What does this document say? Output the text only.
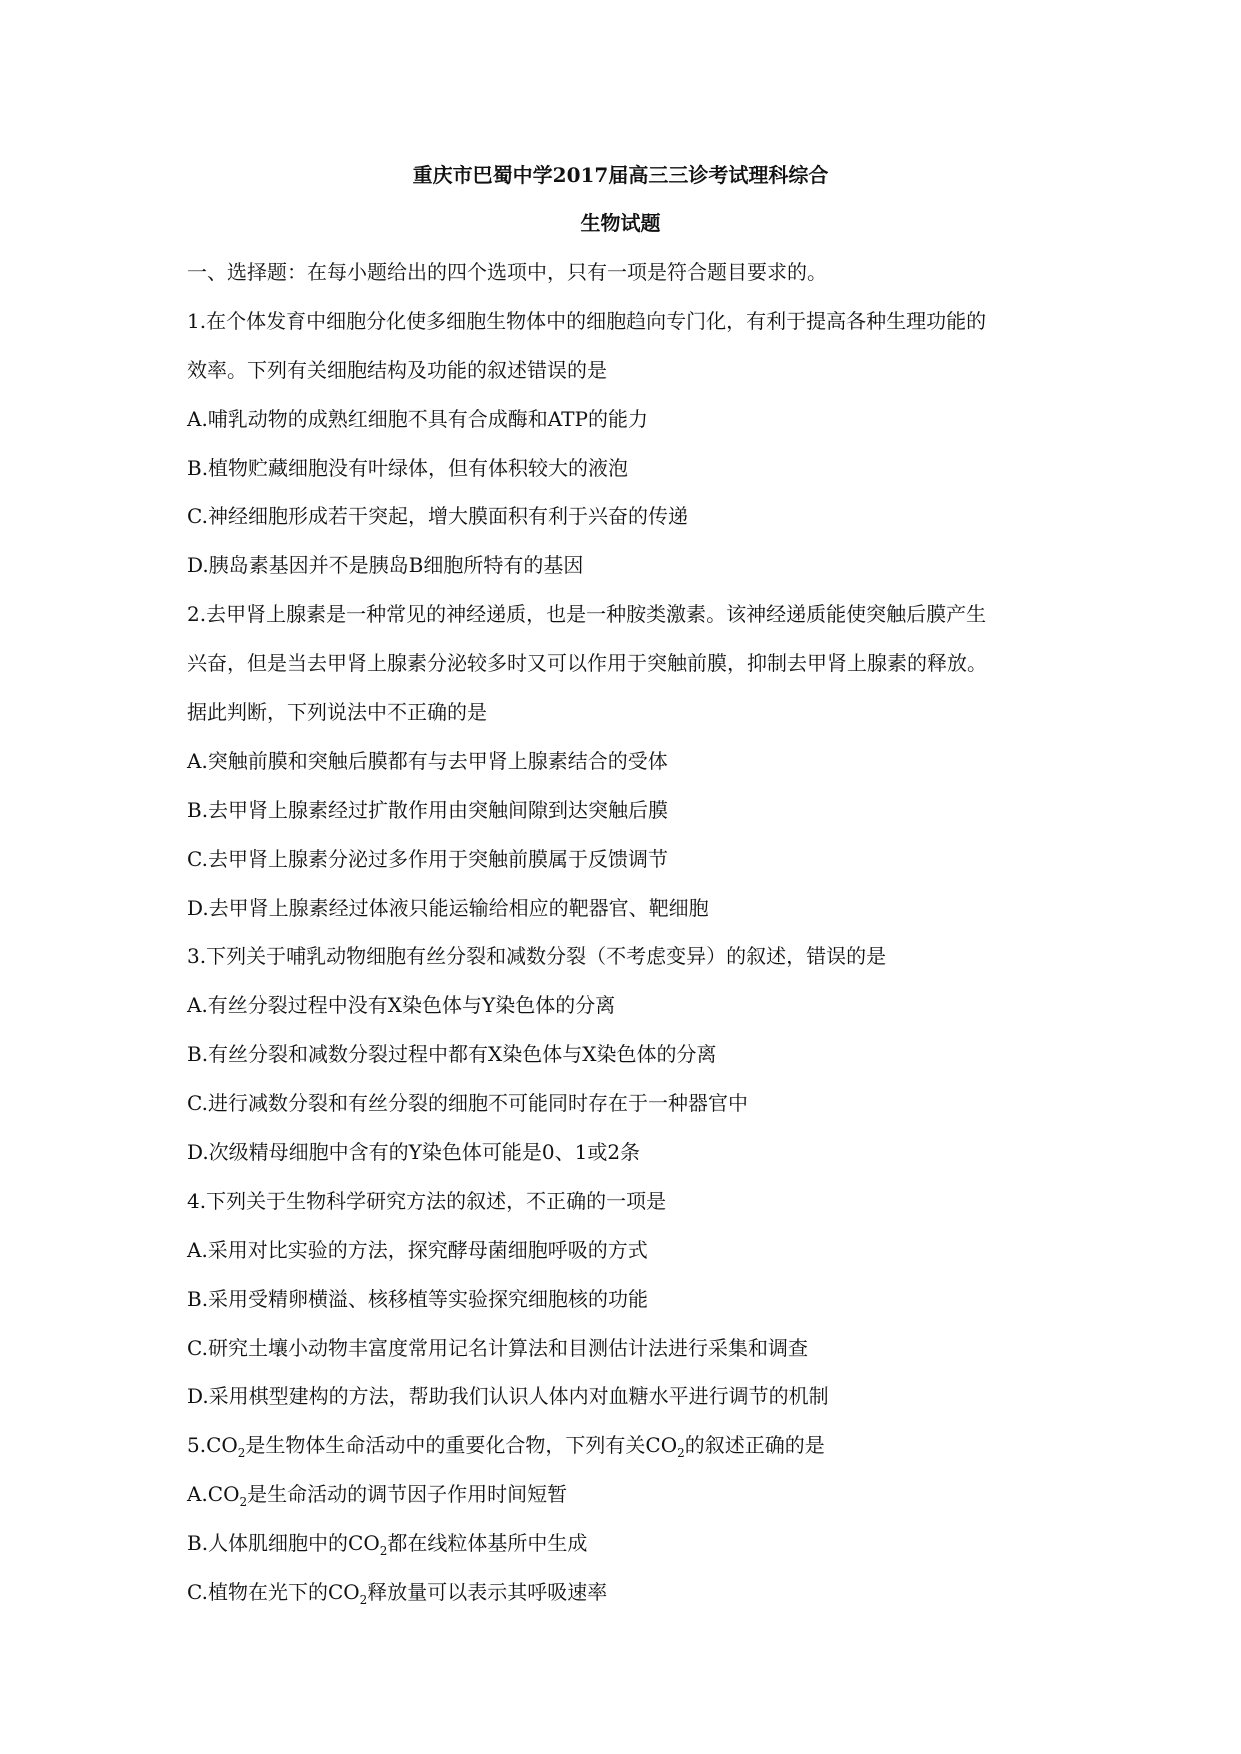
重庆市巴蜀中学2017届高三三诊考试理科综合
生物试题
一、选择题：在每小题给出的四个选项中，只有一项是符合题目要求的。
1.在个体发育中细胞分化使多细胞生物体中的细胞趋向专门化，有利于提高各种生理功能的
效率。下列有关细胞结构及功能的叙述错误的是
A.哺乳动物的成熟红细胞不具有合成酶和ATP的能力
B.植物贮藏细胞没有叶绿体，但有体积较大的液泡
C.神经细胞形成若干突起，增大膜面积有利于兴奋的传递
D.胰岛素基因并不是胰岛B细胞所特有的基因
2.去甲肾上腺素是一种常见的神经递质，也是一种胺类激素。该神经递质能使突触后膜产生
兴奋，但是当去甲肾上腺素分泌较多时又可以作用于突触前膜，抑制去甲肾上腺素的释放。
据此判断，下列说法中不正确的是
A.突触前膜和突触后膜都有与去甲肾上腺素结合的受体
B.去甲肾上腺素经过扩散作用由突触间隙到达突触后膜
C.去甲肾上腺素分泌过多作用于突触前膜属于反馈调节
D.去甲肾上腺素经过体液只能运输给相应的靶器官、靶细胞
3.下列关于哺乳动物细胞有丝分裂和减数分裂（不考虑变异）的叙述，错误的是
A.有丝分裂过程中没有X染色体与Y染色体的分离
B.有丝分裂和减数分裂过程中都有X染色体与X染色体的分离
C.进行减数分裂和有丝分裂的细胞不可能同时存在于一种器官中
D.次级精母细胞中含有的Y染色体可能是0、1或2条
4.下列关于生物科学研究方法的叙述，不正确的一项是
A.采用对比实验的方法，探究酵母菌细胞呼吸的方式
B.采用受精卵横溢、核移植等实验探究细胞核的功能
C.研究土壤小动物丰富度常用记名计算法和目测估计法进行采集和调查
D.采用棋型建构的方法，帮助我们认识人体内对血糖水平进行调节的机制
$5.CO_2$是生物体生命活动中的重要化合物，下列有关$CO_2$的叙述正确的是
$A.CO_2$是生命活动的调节因子作用时间短暂
B.人体肌细胞中的$CO_2$都在线粒体基所中生成
C.植物在光下的$CO_2$释放量可以表示其呼吸速率
